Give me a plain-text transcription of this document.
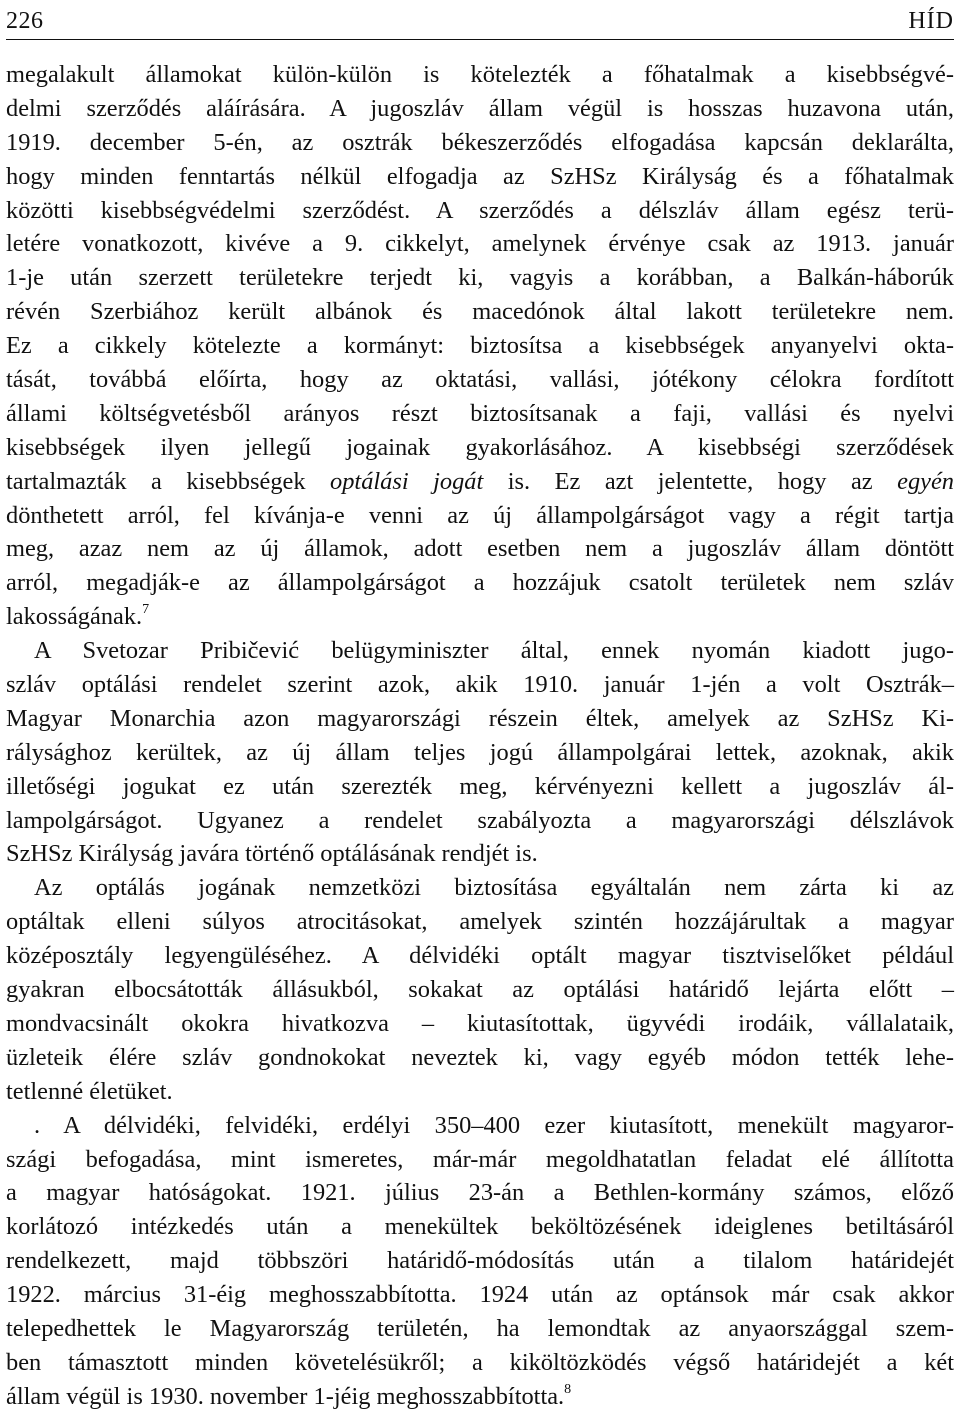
226	HÍD
megalakult államokat külön-külön is kötelezték a főhatalmak a kisebbségvé-
delmi szerződés aláírására. A jugoszláv állam végül is hosszas huzavona után,
1919. december 5-én, az osztrák békeszerződés elfogadása kapcsán deklarálta,
hogy minden fenntartás nélkül elfogadja az SzHSz Királyság és a főhatalmak
közötti kisebbségvédelmi szerződést. A szerződés a délszláv állam egész terü-
letére vonatkozott, kivéve a 9. cikkelyt, amelynek érvénye csak az 1913. január
1-je után szerzett területekre terjedt ki, vagyis a korábban, a Balkán-háborúk
révén Szerbiához került albánok és macedónok által lakott területekre nem.
Ez a cikkely kötelezte a kormányt: biztosítsa a kisebbségek anyanyelvi okta-
tását, továbbá előírta, hogy az oktatási, vallási, jótékony célokra fordított
állami költségvetésből arányos részt biztosítsanak a faji, vallási és nyelvi
kisebbségek ilyen jellegű jogainak gyakorlásához. A kisebbségi szerződések
tartalmazták a kisebbségek optálási jogát is. Ez azt jelentette, hogy az egyén
dönthetett arról, fel kívánja-e venni az új állampolgárságot vagy a régit tartja
meg, azaz nem az új államok, adott esetben nem a jugoszláv állam döntött
arról, megadják-e az állampolgárságot a hozzájuk csatolt területek nem szláv
lakosságának.$^7$
A Svetozar Pribičević belügyminiszter által, ennek nyomán kiadott jugo-
szláv optálási rendelet szerint azok, akik 1910. január 1-jén a volt Osztrák–
Magyar Monarchia azon magyarországi részein éltek, amelyek az SzHSz Ki-
rálysághoz kerültek, az új állam teljes jogú állampolgárai lettek, azoknak, akik
illetőségi jogukat ez után szerezték meg, kérvényezni kellett a jugoszláv ál-
lampolgárságot. Ugyanez a rendelet szabályozta a magyarországi délszlávok
SzHSz Királyság javára történő optálásának rendjét is.
Az optálás jogának nemzetközi biztosítása egyáltalán nem zárta ki az
optáltak elleni súlyos atrocitásokat, amelyek szintén hozzájárultak a magyar
középosztály legyengüléséhez. A délvidéki optált magyar tisztviselőket például
gyakran elbocsátották állásukból, sokakat az optálási határidő lejárta előtt –
mondvacsinált okokra hivatkozva – kiutasítottak, ügyvédi irodáik, vállalataik,
üzleteik élére szláv gondnokokat neveztek ki, vagy egyéb módon tették lehe-
tetlenné életüket.
. A délvidéki, felvidéki, erdélyi 350–400 ezer kiutasított, menekült magyaror-
szági befogadása, mint ismeretes, már-már megoldhatatlan feladat elé állította
a magyar hatóságokat. 1921. július 23-án a Bethlen-kormány számos, előző
korlátozó intézkedés után a menekültek beköltözésének ideiglenes betiltásáról
rendelkezett, majd többszöri határidő-módosítás után a tilalom határidejét
1922. március 31-éig meghosszabbította. 1924 után az optánsok már csak akkor
telepedhettek le Magyarország területén, ha lemondtak az anyaországgal szem-
ben támasztott minden követelésükről; a kiköltözködés végső határidejét a két
állam végül is 1930. november 1-jéig meghosszabbította.$^8$
